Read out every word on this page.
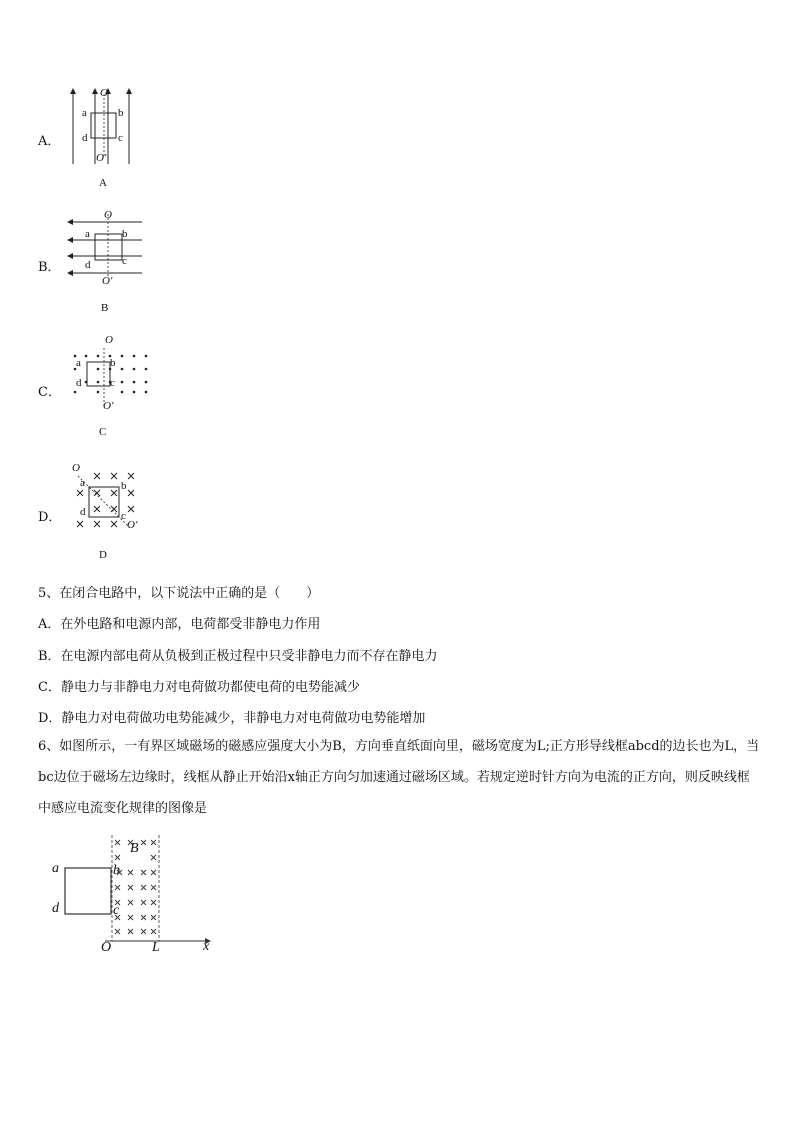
A．
O
a	b
d	c
O′
A
B．
O
a	b
d	c
O′
B
C．
O
a	b
d	c
O′
C
D．
O
a	b
d	c
O′
D
5、在闭合电路中，以下说法中正确的是（　　）
A．在外电路和电源内部，电荷都受非静电力作用
B．在电源内部电荷从负极到正极过程中只受非静电力而不存在静电力
C．静电力与非静电力对电荷做功都使电荷的电势能减少
D．静电力对电荷做功电势能减少，非静电力对电荷做功电势能增加
6、如图所示，一有界区域磁场的磁感应强度大小为B，方向垂直纸面向里，磁场宽度为L;正方形导线框abcd的边长也为L，当bc边位于磁场左边缘时，线框从静止开始沿x轴正方向匀加速通过磁场区域。若规定逆时针方向为电流的正方向，则反映线框中感应电流变化规律的图像是
B
a	b
d	c
O	L	x
